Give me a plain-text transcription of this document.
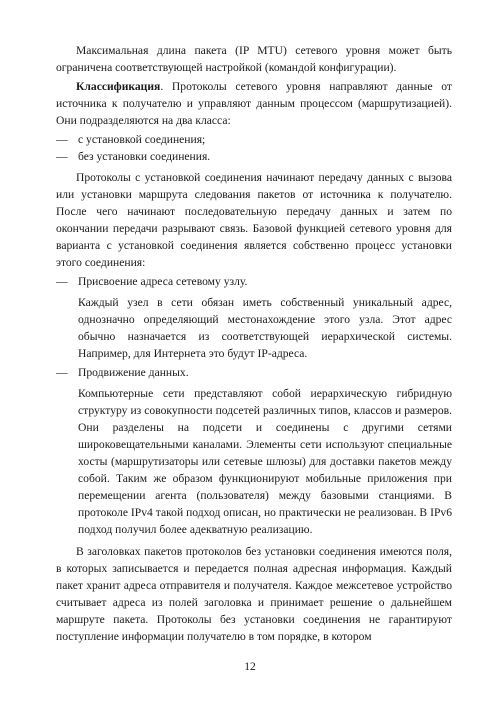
Максимальная длина пакета (IP MTU) сетевого уровня может быть ограничена соответствующей настройкой (командой конфигурации).

Классификация. Протоколы сетевого уровня направляют данные от источника к получателю и управляют данным процессом (маршрутизацией). Они подразделяются на два класса:

— с установкой соединения;
— без установки соединения.

Протоколы с установкой соединения начинают передачу данных с вызова или установки маршрута следования пакетов от источника к получателю. После чего начинают последовательную передачу данных и затем по окончании передачи разрывают связь. Базовой функцией сетевого уровня для варианта с установкой соединения является собственно процесс установки этого соединения:

— Присвоение адреса сетевому узлу.

Каждый узел в сети обязан иметь собственный уникальный адрес, однозначно определяющий местонахождение этого узла. Этот адрес обычно назначается из соответствующей иерархической системы. Например, для Интернета это будут IP-адреса.

— Продвижение данных.

Компьютерные сети представляют собой иерархическую гибридную структуру из совокупности подсетей различных типов, классов и размеров. Они разделены на подсети и соединены с другими сетями широковещательными каналами. Элементы сети используют специальные хосты (маршрутизаторы или сетевые шлюзы) для доставки пакетов между собой. Таким же образом функционируют мобильные приложения при перемещении агента (пользователя) между базовыми станциями. В протоколе IPv4 такой подход описан, но практически не реализован. В IPv6 подход получил более адекватную реализацию.

В заголовках пакетов протоколов без установки соединения имеются поля, в которых записывается и передается полная адресная информация. Каждый пакет хранит адреса отправителя и получателя. Каждое межсетевое устройство считывает адреса из полей заголовка и принимает решение о дальнейшем маршруте пакета. Протоколы без установки соединения не гарантируют поступление информации получателю в том порядке, в котором

12
